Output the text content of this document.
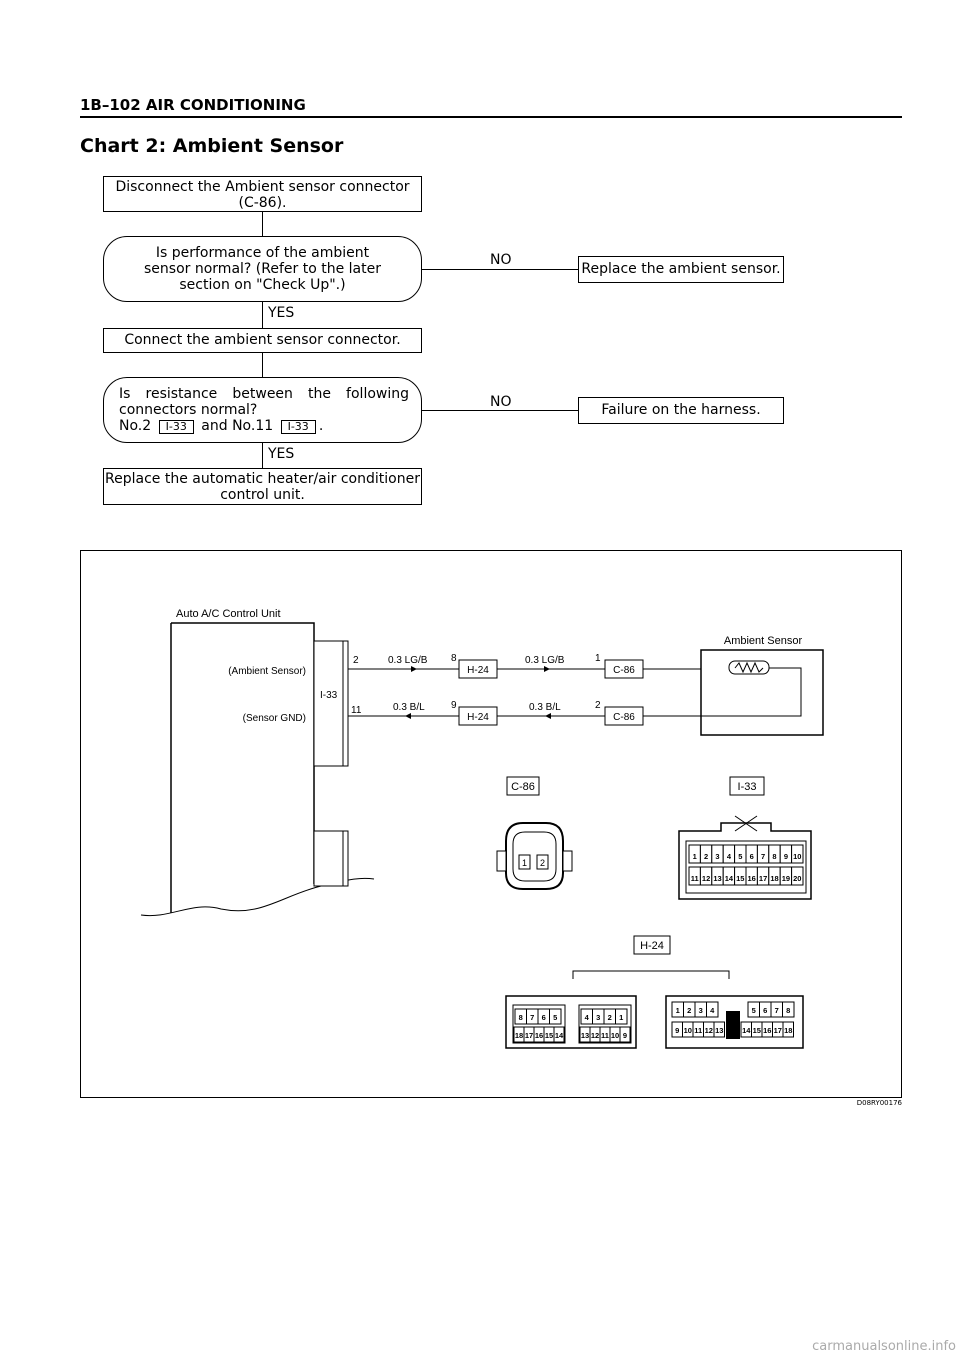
1B–102 AIR CONDITIONING
Chart 2: Ambient Sensor
Disconnect the Ambient sensor connector (C-86).
Is performance of the ambient sensor normal? (Refer to the later section on "Check Up".)
NO
Replace the ambient sensor.
YES
Connect the ambient sensor connector.
Is resistance between the following
connectors normal?
No.2 I-33 and No.11 I-33 .
NO	Failure on the harness.
YES
Replace the automatic heater/air conditioner control unit.
Auto A/C Control Unit
(Ambient Sensor)
(Sensor GND)
I-33
2	0.3 LG/B 8
H-24
0.3 LG/B	1
C-86
11	0.3 B/L	9
H-24
0.3 B/L	2
C-86
Ambient Sensor
C-86
1 2
I-33
1 2 3 4 5 6 7 8 9 10
11 12 13 14 15 16 17 18 19 20
H-24
8 7 6 5	4 3 2 1
18 17 16 15 14 13 12 11 10 9
1 2 3 4	5 6 7 8
9 10 11 12 13 14 15 16 17 18
D08RY00176
carmanualsonline.info
